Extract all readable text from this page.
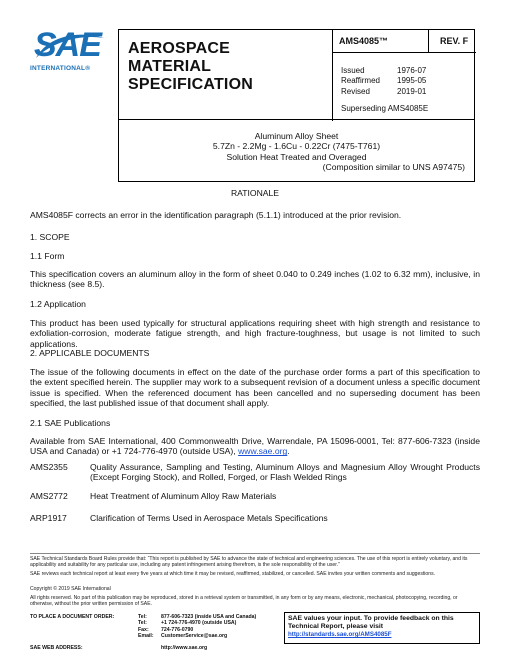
SAE
INTERNATIONAL®
AEROSPACE
MATERIAL SPECIFICATION
AMS4085™	REV. F
Issued	1976-07
Reaffirmed	1995-05
Revised	2019-01
Superseding AMS4085E
Aluminum Alloy Sheet
5.7Zn - 2.2Mg - 1.6Cu - 0.22Cr (7475-T761)
Solution Heat Treated and Overaged
(Composition similar to UNS A97475)
RATIONALE
AMS4085F corrects an error in the identification paragraph (5.1.1) introduced at the prior revision.
1. SCOPE
1.1 Form
This specification covers an aluminum alloy in the form of sheet 0.040 to 0.249 inches (1.02 to 6.32 mm), inclusive, in thickness (see 8.5).
1.2 Application
This product has been used typically for structural applications requiring sheet with high strength and resistance to exfoliation-corrosion, moderate fatigue strength, and high fracture-toughness, but usage is not limited to such applications.
2. APPLICABLE DOCUMENTS
The issue of the following documents in effect on the date of the purchase order forms a part of this specification to the extent specified herein. The supplier may work to a subsequent revision of a document unless a specific document issue is specified. When the referenced document has been cancelled and no superseding document has been specified, the last published issue of that document shall apply.
2.1 SAE Publications
Available from SAE International, 400 Commonwealth Drive, Warrendale, PA 15096-0001, Tel: 877-606-7323 (inside USA and Canada) or +1 724-776-4970 (outside USA), www.sae.org.
AMS2355	Quality Assurance, Sampling and Testing, Aluminum Alloys and Magnesium Alloy Wrought Products (Except Forging Stock), and Rolled, Forged, or Flash Welded Rings
AMS2772	Heat Treatment of Aluminum Alloy Raw Materials
ARP1917	Clarification of Terms Used in Aerospace Metals Specifications
SAE Technical Standards Board Rules provide that: “This report is published by SAE to advance the state of technical and engineering sciences. The use of this report is entirely voluntary, and its applicability and suitability for any particular use, including any patent infringement arising therefrom, is the sole responsibility of the user.”
SAE reviews each technical report at least every five years at which time it may be revised, reaffirmed, stabilized, or cancelled. SAE invites your written comments and suggestions.
Copyright © 2019 SAE International
All rights reserved. No part of this publication may be reproduced, stored in a retrieval system or transmitted, in any form or by any means, electronic, mechanical, photocopying, recording, or otherwise, without the prior written permission of SAE.
TO PLACE A DOCUMENT ORDER:	Tel:	877-606-7323 (inside USA and Canada)
Tel:	+1 724-776-4970 (outside USA)
Fax:	724-776-0790
Email:	CustomerService@sae.org
SAE WEB ADDRESS:	http://www.sae.org
SAE values your input. To provide feedback on this
Technical Report, please visit
http://standards.sae.org/AMS4085F
